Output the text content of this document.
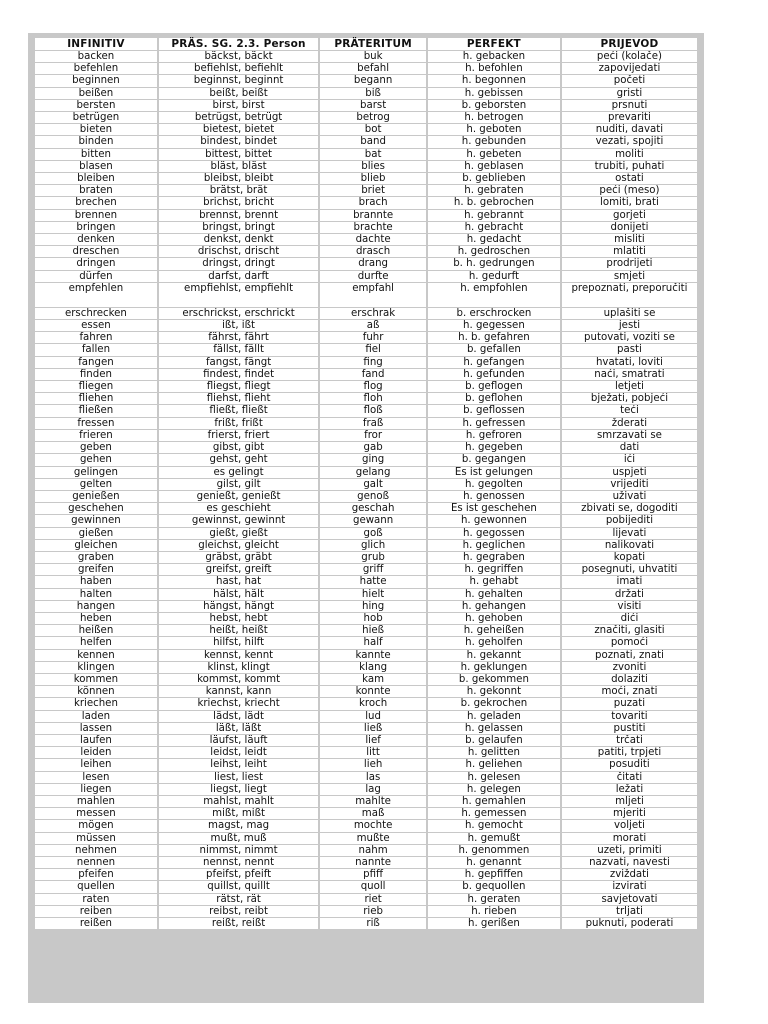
INFINITIV	PRÄS. SG. 2.3. Person	PRÄTERITUM	PERFEKT	PRIJEVOD
backen	bäckst, bäckt	buk	h. gebacken	peći (kolače)
befehlen	befiehlst, befiehlt	befahl	h. befohlen	zapovijedati
beginnen	beginnst, beginnt	begann	h. begonnen	početi
beißen	beißt, beißt	biß	h. gebissen	gristi
bersten	birst, birst	barst	b. geborsten	prsnuti
betrügen	betrügst, betrügt	betrog	h. betrogen	prevariti
bieten	bietest, bietet	bot	h. geboten	nuditi, davati
binden	bindest, bindet	band	h. gebunden	vezati, spojiti
bitten	bittest, bittet	bat	h. gebeten	moliti
blasen	bläst, bläst	blies	h. geblasen	trubiti, puhati
bleiben	bleibst, bleibt	blieb	b. geblieben	ostati
braten	brätst, brät	briet	h. gebraten	peći (meso)
brechen	brichst, bricht	brach	h. b. gebrochen	lomiti, brati
brennen	brennst, brennt	brannte	h. gebrannt	gorjeti
bringen	bringst, bringt	brachte	h. gebracht	donijeti
denken	denkst, denkt	dachte	h. gedacht	misliti
dreschen	drischst, drischt	drasch	h. gedroschen	mlatiti
dringen	dringst, dringt	drang	b. h. gedrungen	prodrijeti
dürfen	darfst, darft	durfte	h. gedurft	smjeti
empfehlen	empfiehlst, empfiehlt	empfahl	h. empfohlen	prepoznati, preporučiti
erschrecken	erschrickst, erschrickt	erschrak	b. erschrocken	uplašiti se
essen	ißt, ißt	aß	h. gegessen	jesti
fahren	fährst, fährt	fuhr	h. b. gefahren	putovati, voziti se
fallen	fällst, fällt	fiel	b. gefallen	pasti
fangen	fangst, fängt	fing	h. gefangen	hvatati, loviti
finden	findest, findet	fand	h. gefunden	naći, smatrati
fliegen	fliegst, fliegt	flog	b. geflogen	letjeti
fliehen	fliehst, flieht	floh	b. geflohen	bježati, pobjeći
fließen	fließt, fließt	floß	b. geflossen	teći
fressen	frißt, frißt	fraß	h. gefressen	žderati
frieren	frierst, friert	fror	h. gefroren	smrzavati se
geben	gibst, gibt	gab	h. gegeben	dati
gehen	gehst, geht	ging	b. gegangen	ići
gelingen	es gelingt	gelang	Es ist gelungen	uspjeti
gelten	gilst, gilt	galt	h. gegolten	vrijediti
genießen	genießt, genießt	genoß	h. genossen	uživati
geschehen	es geschieht	geschah	Es ist geschehen	zbivati se, dogoditi
gewinnen	gewinnst, gewinnt	gewann	h. gewonnen	pobijediti
gießen	gießt, gießt	goß	h. gegossen	lijevati
gleichen	gleichst, gleicht	glich	h. geglichen	nalikovati
graben	gräbst, gräbt	grub	h. gegraben	kopati
greifen	greifst, greift	griff	h. gegriffen	posegnuti, uhvatiti
haben	hast, hat	hatte	h. gehabt	imati
halten	hälst, hält	hielt	h. gehalten	držati
hangen	hängst, hängt	hing	h. gehangen	visiti
heben	hebst, hebt	hob	h. gehoben	dići
heißen	heißt, heißt	hieß	h. geheißen	značiti, glasiti
helfen	hilfst, hilft	half	h. geholfen	pomoći
kennen	kennst, kennt	kannte	h. gekannt	poznati, znati
klingen	klinst, klingt	klang	h. geklungen	zvoniti
kommen	kommst, kommt	kam	b. gekommen	dolaziti
können	kannst, kann	konnte	h. gekonnt	moći, znati
kriechen	kriechst, kriecht	kroch	b. gekrochen	puzati
laden	lädst, lädt	lud	h. geladen	tovariti
lassen	läßt, läßt	ließ	h. gelassen	pustiti
laufen	läufst, läuft	lief	b. gelaufen	trčati
leiden	leidst, leidt	litt	h. gelitten	patiti, trpjeti
leihen	leihst, leiht	lieh	h. geliehen	posuditi
lesen	liest, liest	las	h. gelesen	čitati
liegen	liegst, liegt	lag	h. gelegen	ležati
mahlen	mahlst, mahlt	mahlte	h. gemahlen	mljeti
messen	mißt, mißt	maß	h. gemessen	mjeriti
mögen	magst, mag	mochte	h. gemocht	voljeti
müssen	mußt, muß	mußte	h. gemußt	morati
nehmen	nimmst, nimmt	nahm	h. genommen	uzeti, primiti
nennen	nennst, nennt	nannte	h. genannt	nazvati, navesti
pfeifen	pfeifst, pfeift	pfiff	h. gepfiffen	zviždati
quellen	quillst, quillt	quoll	b. gequollen	izvirati
raten	rätst, rät	riet	h. geraten	savjetovati
reiben	reibst, reibt	rieb	h. rieben	trljati
reißen	reißt, reißt	riß	h. gerißen	puknuti, poderati
